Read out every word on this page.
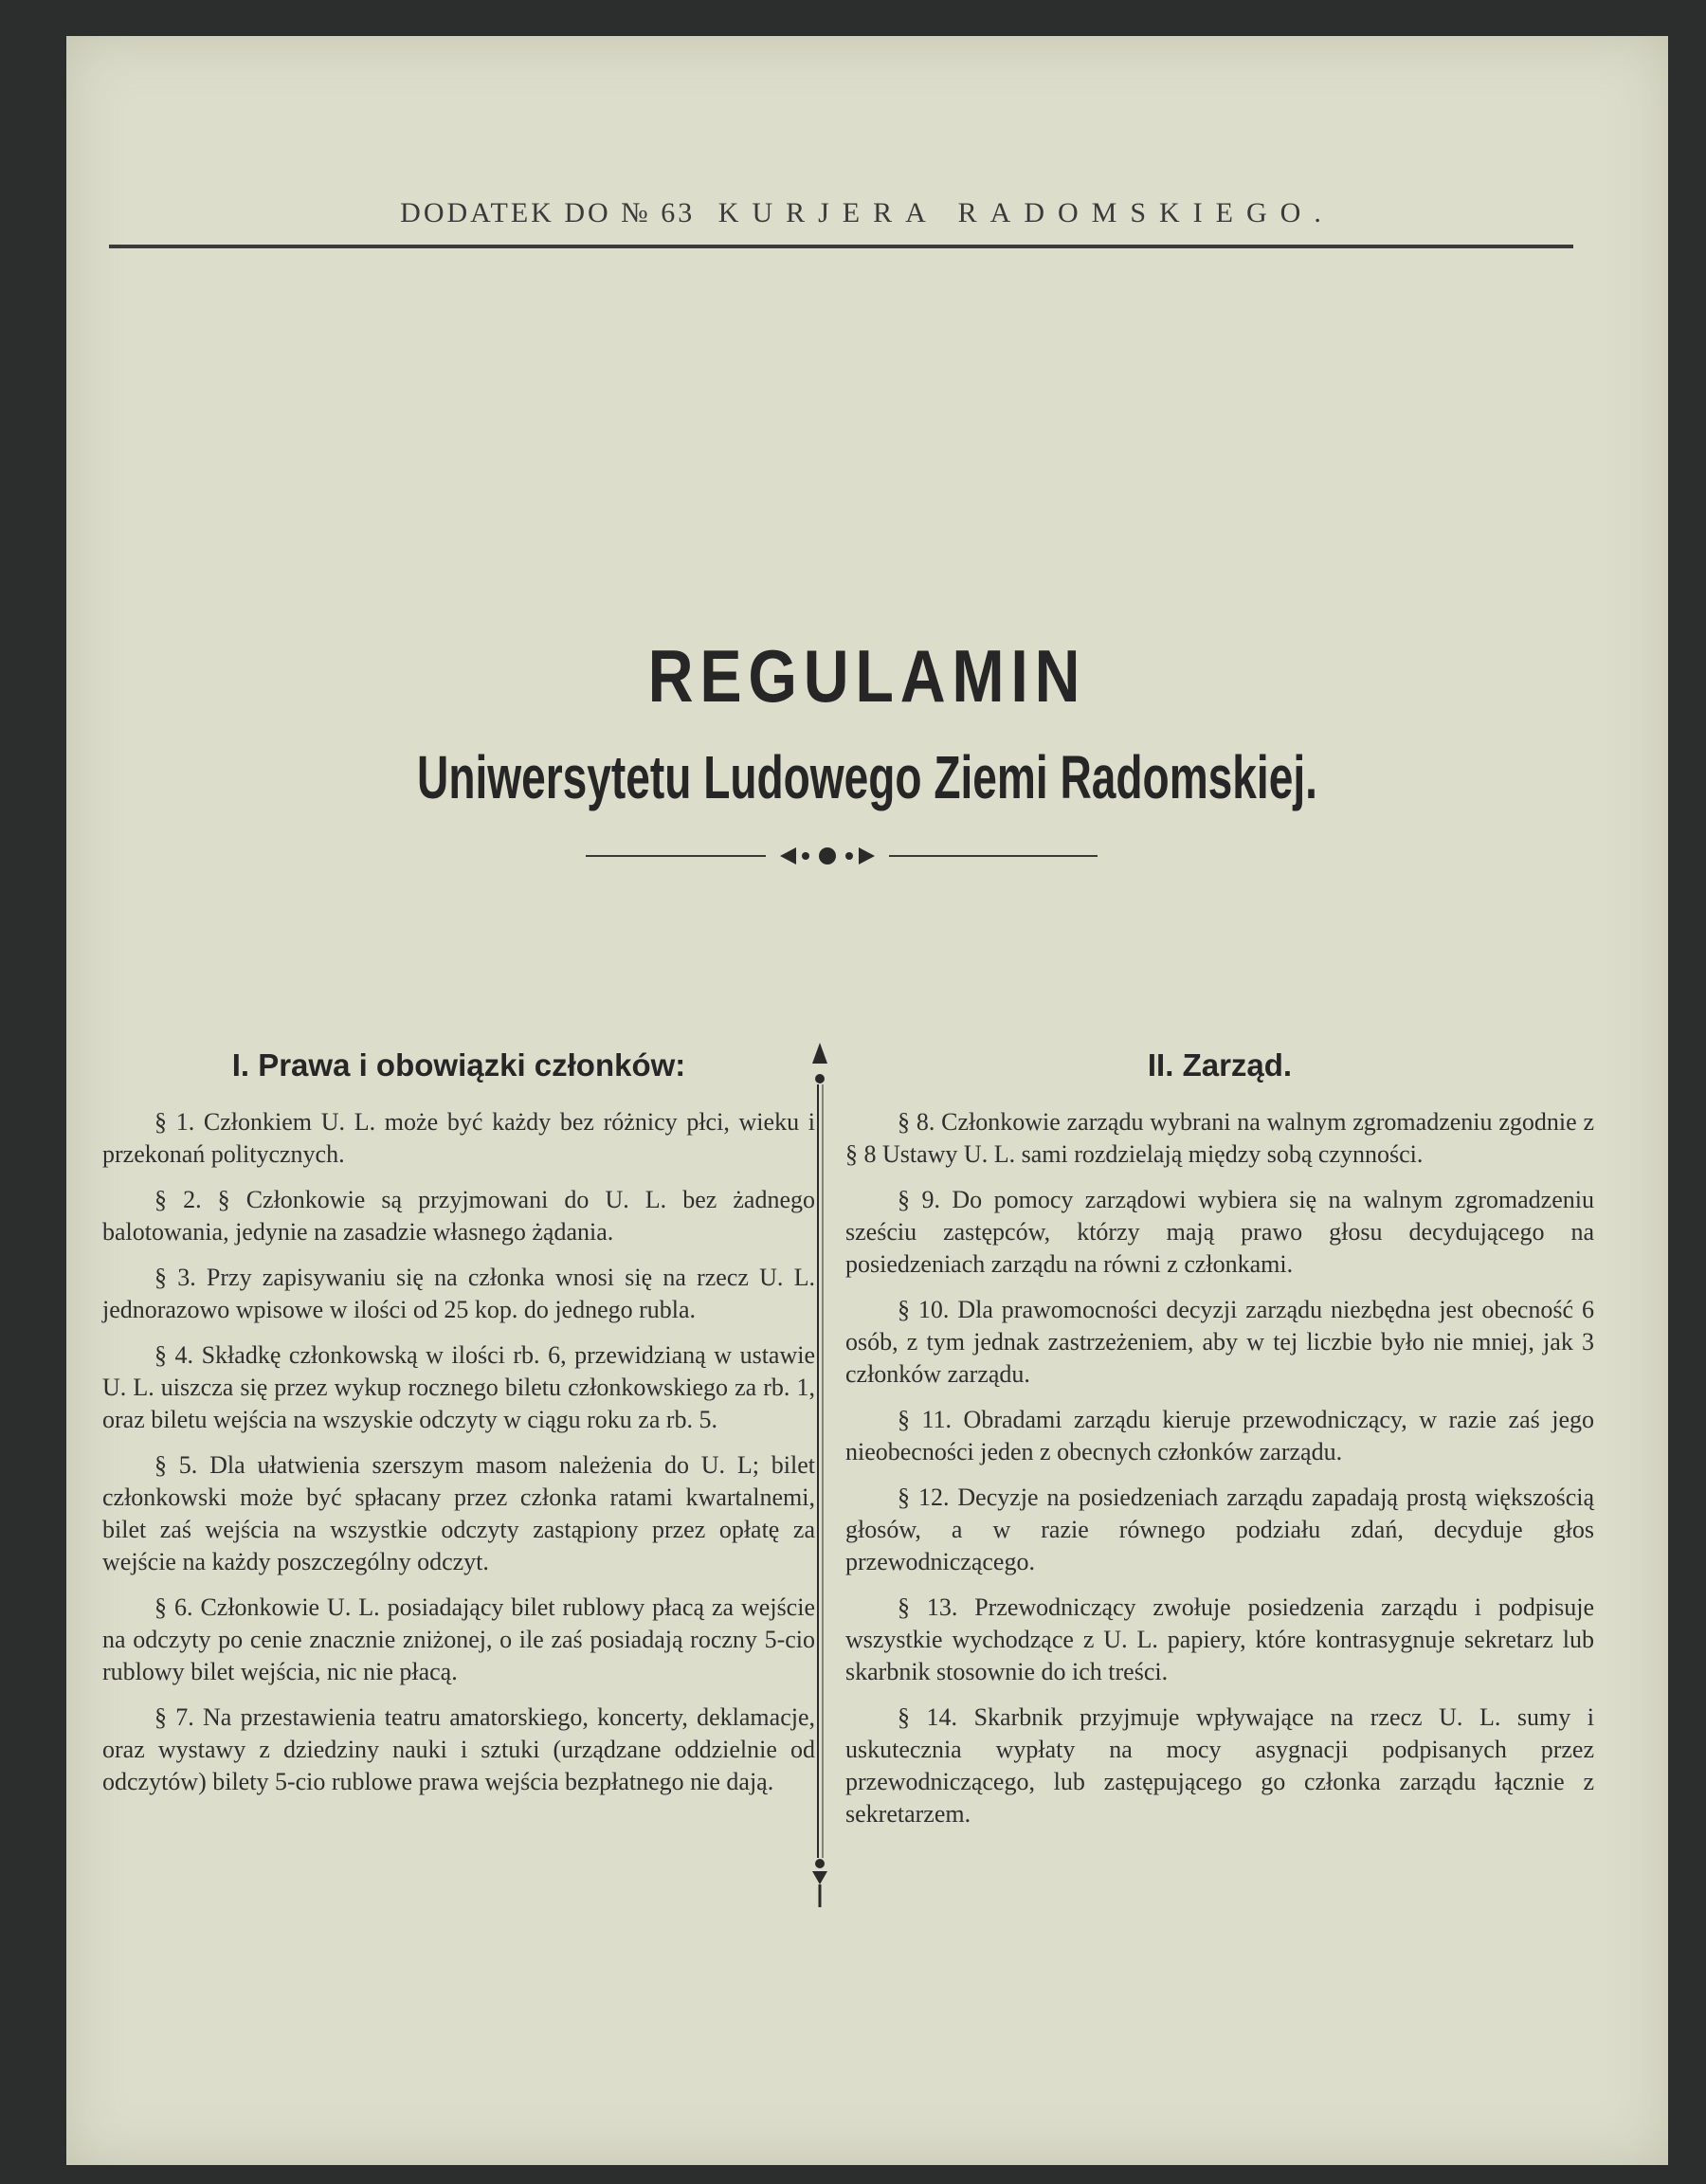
DODATEK DO № 63 KURJERA RADOMSKIEGO.
REGULAMIN
Uniwersytetu Ludowego Ziemi Radomskiej.
I. Prawa i obowiązki członków:

§ 1. Członkiem U. L. może być każdy bez różnicy płci, wieku i przekonań politycznych.

§ 2. § Członkowie są przyjmowani do U. L. bez żadnego balotowania, jedynie na zasadzie własnego żądania.

§ 3. Przy zapisywaniu się na członka wnosi się na rzecz U. L. jednorazowo wpisowe w ilości od 25 kop. do jednego rubla.

§ 4. Składkę członkowską w ilości rb. 6, przewidzianą w ustawie U. L. uiszcza się przez wykup rocznego biletu członkowskiego za rb. 1, oraz biletu wejścia na wszyskie odczyty w ciągu roku za rb. 5.

§ 5. Dla ułatwienia szerszym masom należenia do U. L; bilet członkowski może być spłacany przez członka ratami kwartalnemi, bilet zaś wejścia na wszystkie odczyty zastąpiony przez opłatę za wejście na każdy poszczególny odczyt.

§ 6. Członkowie U. L. posiadający bilet rublowy płacą za wejście na odczyty po cenie znacznie zniżonej, o ile zaś posiadają roczny 5-cio rublowy bilet wejścia, nic nie płacą.

§ 7. Na przestawienia teatru amatorskiego, koncerty, deklamacje, oraz wystawy z dziedziny nauki i sztuki (urządzane oddzielnie od odczytów) bilety 5-cio rublowe prawa wejścia bezpłatnego nie dają.

II. Zarząd.

§ 8. Członkowie zarządu wybrani na walnym zgromadzeniu zgodnie z § 8 Ustawy U. L. sami rozdzielają między sobą czynności.

§ 9. Do pomocy zarządowi wybiera się na walnym zgromadzeniu sześciu zastępców, którzy mają prawo głosu decydującego na posiedzeniach zarządu na równi z członkami.

§ 10. Dla prawomocności decyzji zarządu niezbędna jest obecność 6 osób, z tym jednak zastrzeżeniem, aby w tej liczbie było nie mniej, jak 3 członków zarządu.

§ 11. Obradami zarządu kieruje przewodniczący, w razie zaś jego nieobecności jeden z obecnych członków zarządu.

§ 12. Decyzje na posiedzeniach zarządu zapadają prostą większością głosów, a w razie równego podziału zdań, decyduje głos przewodniczącego.

§ 13. Przewodniczący zwołuje posiedzenia zarządu i podpisuje wszystkie wychodzące z U. L. papiery, które kontrasygnuje sekretarz lub skarbnik stosownie do ich treści.

§ 14. Skarbnik przyjmuje wpływające na rzecz U. L. sumy i uskutecznia wypłaty na mocy asygnacji podpisanych przez przewodniczącego, lub zastępującego go członka zarządu łącznie z sekretarzem.
